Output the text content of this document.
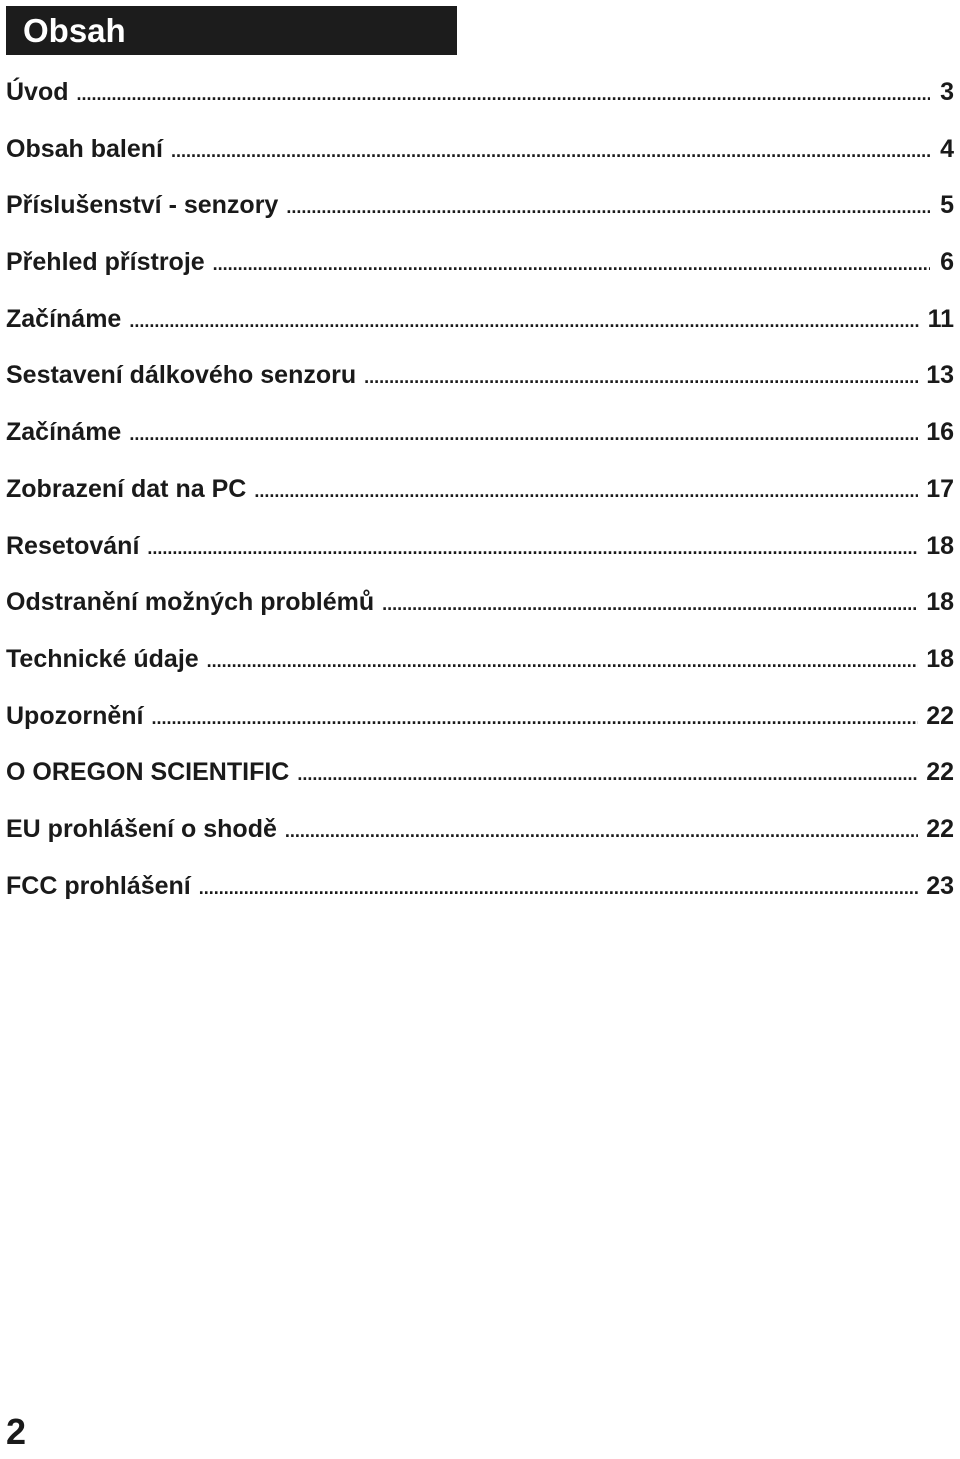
Obsah
Úvod .....	3
Obsah balení .....	4
Příslušenství - senzory .....	5
Přehled přístroje .....	6
Začínáme .....	11
Sestavení dálkového senzoru .....	13
Začínáme .....	16
Zobrazení dat na PC .....	17
Resetování .....	18
Odstranění možných problémů .....	18
Technické údaje .....	18
Upozornění .....	22
O OREGON SCIENTIFIC .....	22
EU prohlášení o shodě .....	22
FCC prohlášení .....	23
2
